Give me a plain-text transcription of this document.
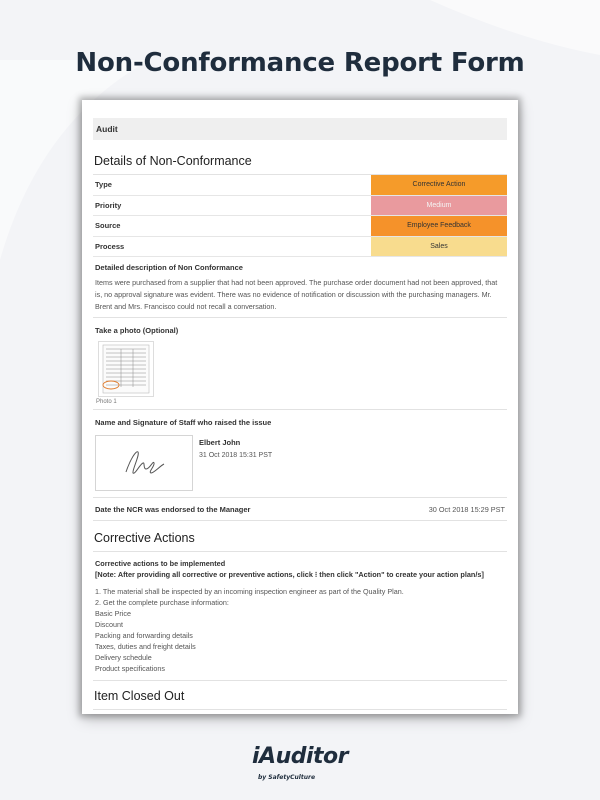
Non-Conformance Report Form
Audit
Details of Non-Conformance
Type	Corrective Action
Priority	Medium
Source	Employee Feedback
Process	Sales
Detailed description of Non Conformance
Items were purchased from a supplier that had not been approved. The purchase order document had not been approved, that is, no approval signature was evident. There was no evidence of notification or discussion with the purchasing managers. Mr. Brent and Mrs. Francisco could not recall a conversation.
Take a photo (Optional)
Photo 1
Name and Signature of Staff who raised the issue
Elbert John
31 Oct 2018 15:31 PST
Date the NCR was endorsed to the Manager	30 Oct 2018 15:29 PST
Corrective Actions
Corrective actions to be implemented
[Note: After providing all corrective or preventive actions, click ⁝ then click "Action" to create your action plan/s]
1. The material shall be inspected by an incoming inspection engineer as part of the Quality Plan.
2. Get the complete purchase information:
Basic Price
Discount
Packing and forwarding details
Taxes, duties and freight details
Delivery schedule
Product specifications
Item Closed Out
iAuditor
by SafetyCulture
